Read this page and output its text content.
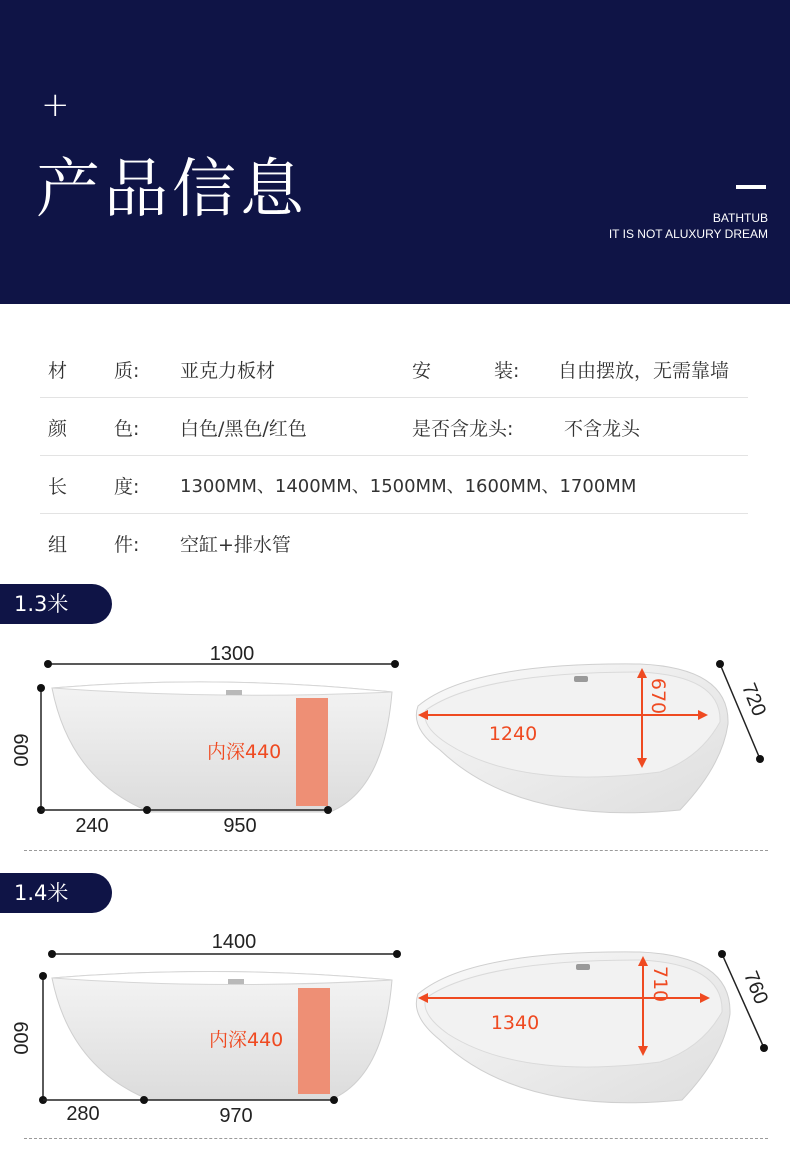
+
产品信息	BATHTUB
IT IS NOT ALUXURY DREAM
材 质: 亚克力板材	安	装: 自由摆放，无需靠墙
颜 色: 白色/黑色/红色	是否含龙头:	不含龙头
长 度: 1300MM、1400MM、1500MM、1600MM、1700MM
组 件: 空缸+排水管
1.3米
1300
600	内深440
240	950
1240
670	720
1.4米
1400
600	内深440
280	970
1340
710	760
